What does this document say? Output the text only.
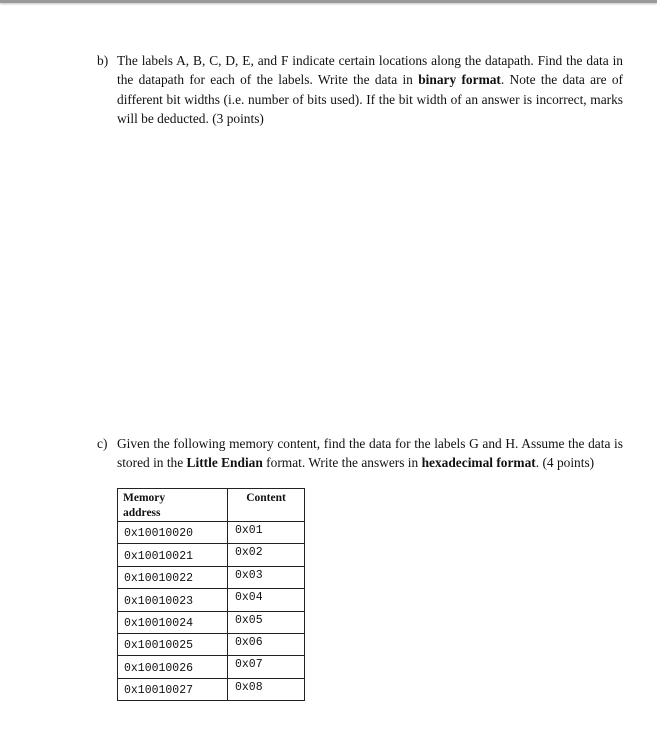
b) The labels A, B, C, D, E, and F indicate certain locations along the datapath. Find the data in the datapath for each of the labels. Write the data in binary format. Note the data are of different bit widths (i.e. number of bits used). If the bit width of an answer is incorrect, marks will be deducted. (3 points)
c) Given the following memory content, find the data for the labels G and H. Assume the data is stored in the Little Endian format. Write the answers in hexadecimal format. (4 points)
Memory
address	Content
0x10010020	0x01
0x10010021	0x02
0x10010022	0x03
0x10010023	0x04
0x10010024	0x05
0x10010025	0x06
0x10010026	0x07
0x10010027	0x08
